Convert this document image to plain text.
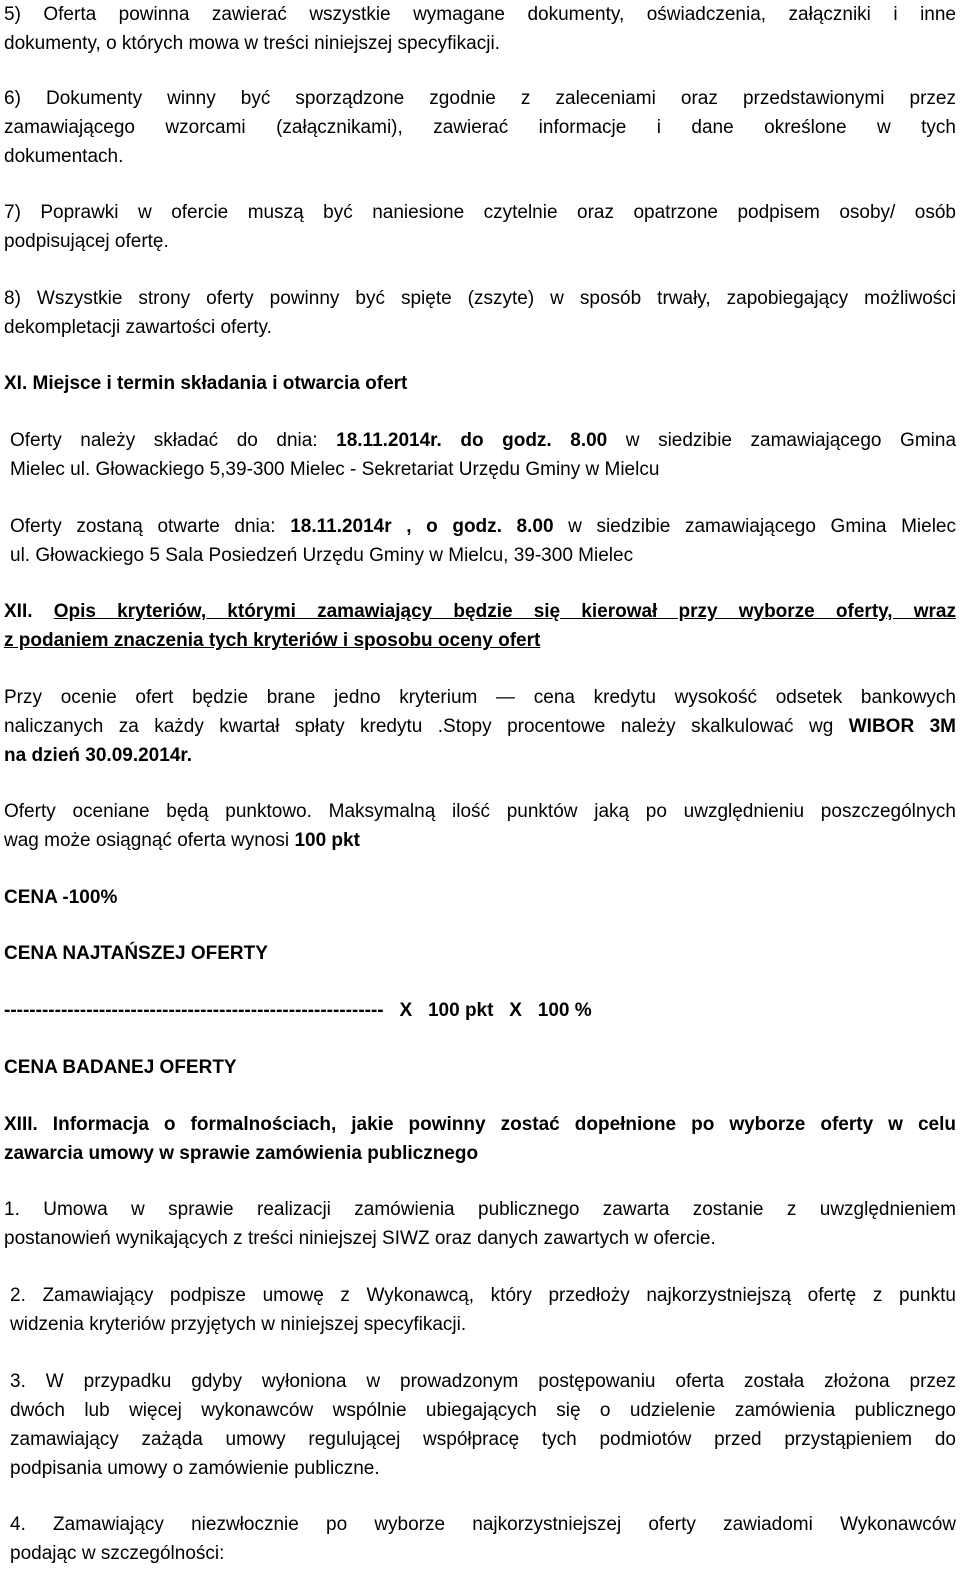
5) Oferta powinna zawierać wszystkie wymagane dokumenty, oświadczenia, załączniki i inne
dokumenty, o których mowa w treści niniejszej specyfikacji.
6) Dokumenty winny być sporządzone zgodnie z zaleceniami oraz przedstawionymi przez
zamawiającego wzorcami (załącznikami), zawierać informacje i dane określone w tych
dokumentach.
7) Poprawki w ofercie muszą być naniesione czytelnie oraz opatrzone podpisem osoby/ osób
podpisującej ofertę.
8) Wszystkie strony oferty powinny być spięte (zszyte) w sposób trwały, zapobiegający możliwości
dekompletacji zawartości oferty.
XI. Miejsce i termin składania i otwarcia ofert
Oferty należy składać do dnia: 18.11.2014r. do godz. 8.00 w siedzibie zamawiającego Gmina
Mielec ul. Głowackiego 5,39-300 Mielec - Sekretariat Urzędu Gminy w Mielcu
Oferty zostaną otwarte dnia: 18.11.2014r , o godz. 8.00 w siedzibie zamawiającego Gmina Mielec
ul. Głowackiego 5 Sala Posiedzeń Urzędu Gminy w Mielcu, 39-300 Mielec
XII. Opis kryteriów, którymi zamawiający będzie się kierował przy wyborze oferty, wraz
z podaniem znaczenia tych kryteriów i sposobu oceny ofert
Przy ocenie ofert będzie brane jedno kryterium — cena kredytu wysokość odsetek bankowych
naliczanych za każdy kwartał spłaty kredytu .Stopy procentowe należy skalkulować wg WIBOR 3M
na dzień 30.09.2014r.
Oferty oceniane będą punktowo. Maksymalną ilość punktów jaką po uwzględnieniu poszczególnych
wag może osiągnąć oferta wynosi 100 pkt
CENA -100%
CENA NAJTAŃSZEJ OFERTY
------------------------------------------------------------   X   100 pkt   X   100 %
CENA BADANEJ OFERTY
XIII. Informacja o formalnościach, jakie powinny zostać dopełnione po wyborze oferty w celu
zawarcia umowy w sprawie zamówienia publicznego
1. Umowa w sprawie realizacji zamówienia publicznego zawarta zostanie z uwzględnieniem
postanowień wynikających z treści niniejszej SIWZ oraz danych zawartych w ofercie.
2. Zamawiający podpisze umowę z Wykonawcą, który przedłoży najkorzystniejszą ofertę z punktu
widzenia kryteriów przyjętych w niniejszej specyfikacji.
3. W przypadku gdyby wyłoniona w prowadzonym postępowaniu oferta została złożona przez
dwóch lub więcej wykonawców wspólnie ubiegających się o udzielenie zamówienia publicznego
zamawiający zażąda umowy regulującej współpracę tych podmiotów przed przystąpieniem do
podpisania umowy o zamówienie publiczne.
4. Zamawiający niezwłocznie po wyborze najkorzystniejszej oferty zawiadomi Wykonawców
podając w szczególności:
